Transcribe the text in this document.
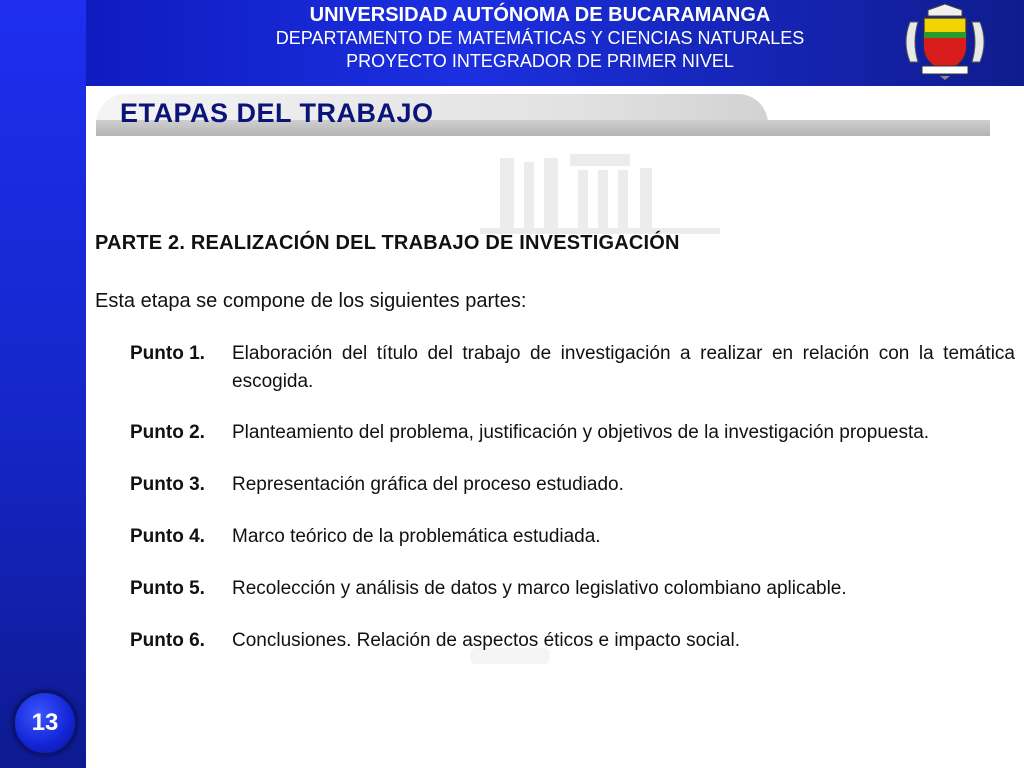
UNIVERSIDAD AUTÓNOMA DE BUCARAMANGA
DEPARTAMENTO DE MATEMÁTICAS Y CIENCIAS NATURALES
PROYECTO INTEGRADOR DE PRIMER NIVEL
ETAPAS DEL TRABAJO
PARTE 2. REALIZACIÓN DEL TRABAJO DE INVESTIGACIÓN
Esta etapa se compone de los siguientes partes:
Punto 1.	Elaboración del título del trabajo de investigación a realizar en relación con la temática escogida.
Punto 2.	Planteamiento del problema, justificación y objetivos de la investigación propuesta.
Punto 3.	Representación gráfica del proceso estudiado.
Punto 4.	Marco teórico de la problemática estudiada.
Punto 5.	Recolección y análisis de datos y marco legislativo colombiano aplicable.
Punto 6.	Conclusiones. Relación de aspectos éticos e impacto social.
13
